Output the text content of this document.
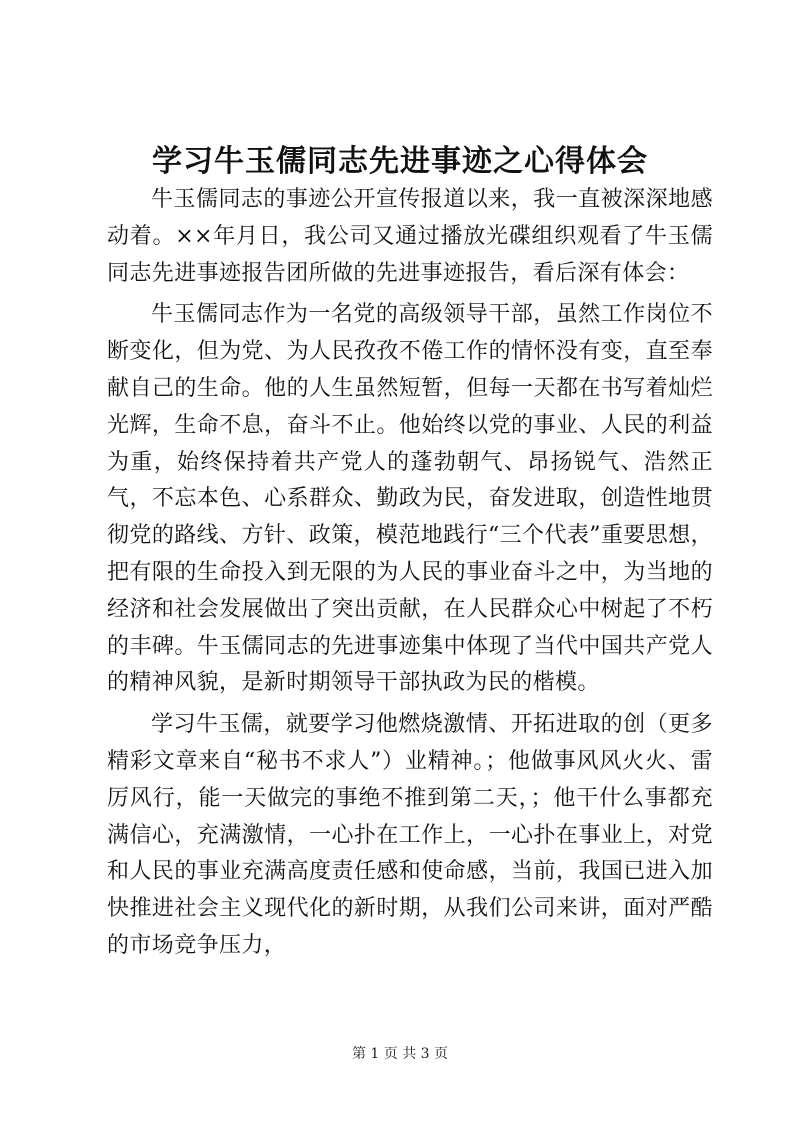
学习牛玉儒同志先进事迹之心得体会

牛玉儒同志的事迹公开宣传报道以来，我一直被深深地感动着。××年月日，我公司又通过播放光碟组织观看了牛玉儒同志先进事迹报告团所做的先进事迹报告，看后深有体会：

牛玉儒同志作为一名党的高级领导干部，虽然工作岗位不断变化，但为党、为人民孜孜不倦工作的情怀没有变，直至奉献自己的生命。他的人生虽然短暂，但每一天都在书写着灿烂光辉，生命不息，奋斗不止。他始终以党的事业、人民的利益为重，始终保持着共产党人的蓬勃朝气、昂扬锐气、浩然正气，不忘本色、心系群众、勤政为民，奋发进取，创造性地贯彻党的路线、方针、政策，模范地践行“三个代表”重要思想，把有限的生命投入到无限的为人民的事业奋斗之中，为当地的经济和社会发展做出了突出贡献，在人民群众心中树起了不朽的丰碑。牛玉儒同志的先进事迹集中体现了当代中国共产党人的精神风貌，是新时期领导干部执政为民的楷模。

学习牛玉儒，就要学习他燃烧激情、开拓进取的创（更多精彩文章来自“秘书不求人”）业精神。；他做事风风火火、雷厉风行，能一天做完的事绝不推到第二天，；他干什么事都充满信心，充满激情，一心扑在工作上，一心扑在事业上，对党和人民的事业充满高度责任感和使命感，当前，我国已进入加快推进社会主义现代化的新时期，从我们公司来讲，面对严酷的市场竞争压力，

第 1 页 共 3 页
